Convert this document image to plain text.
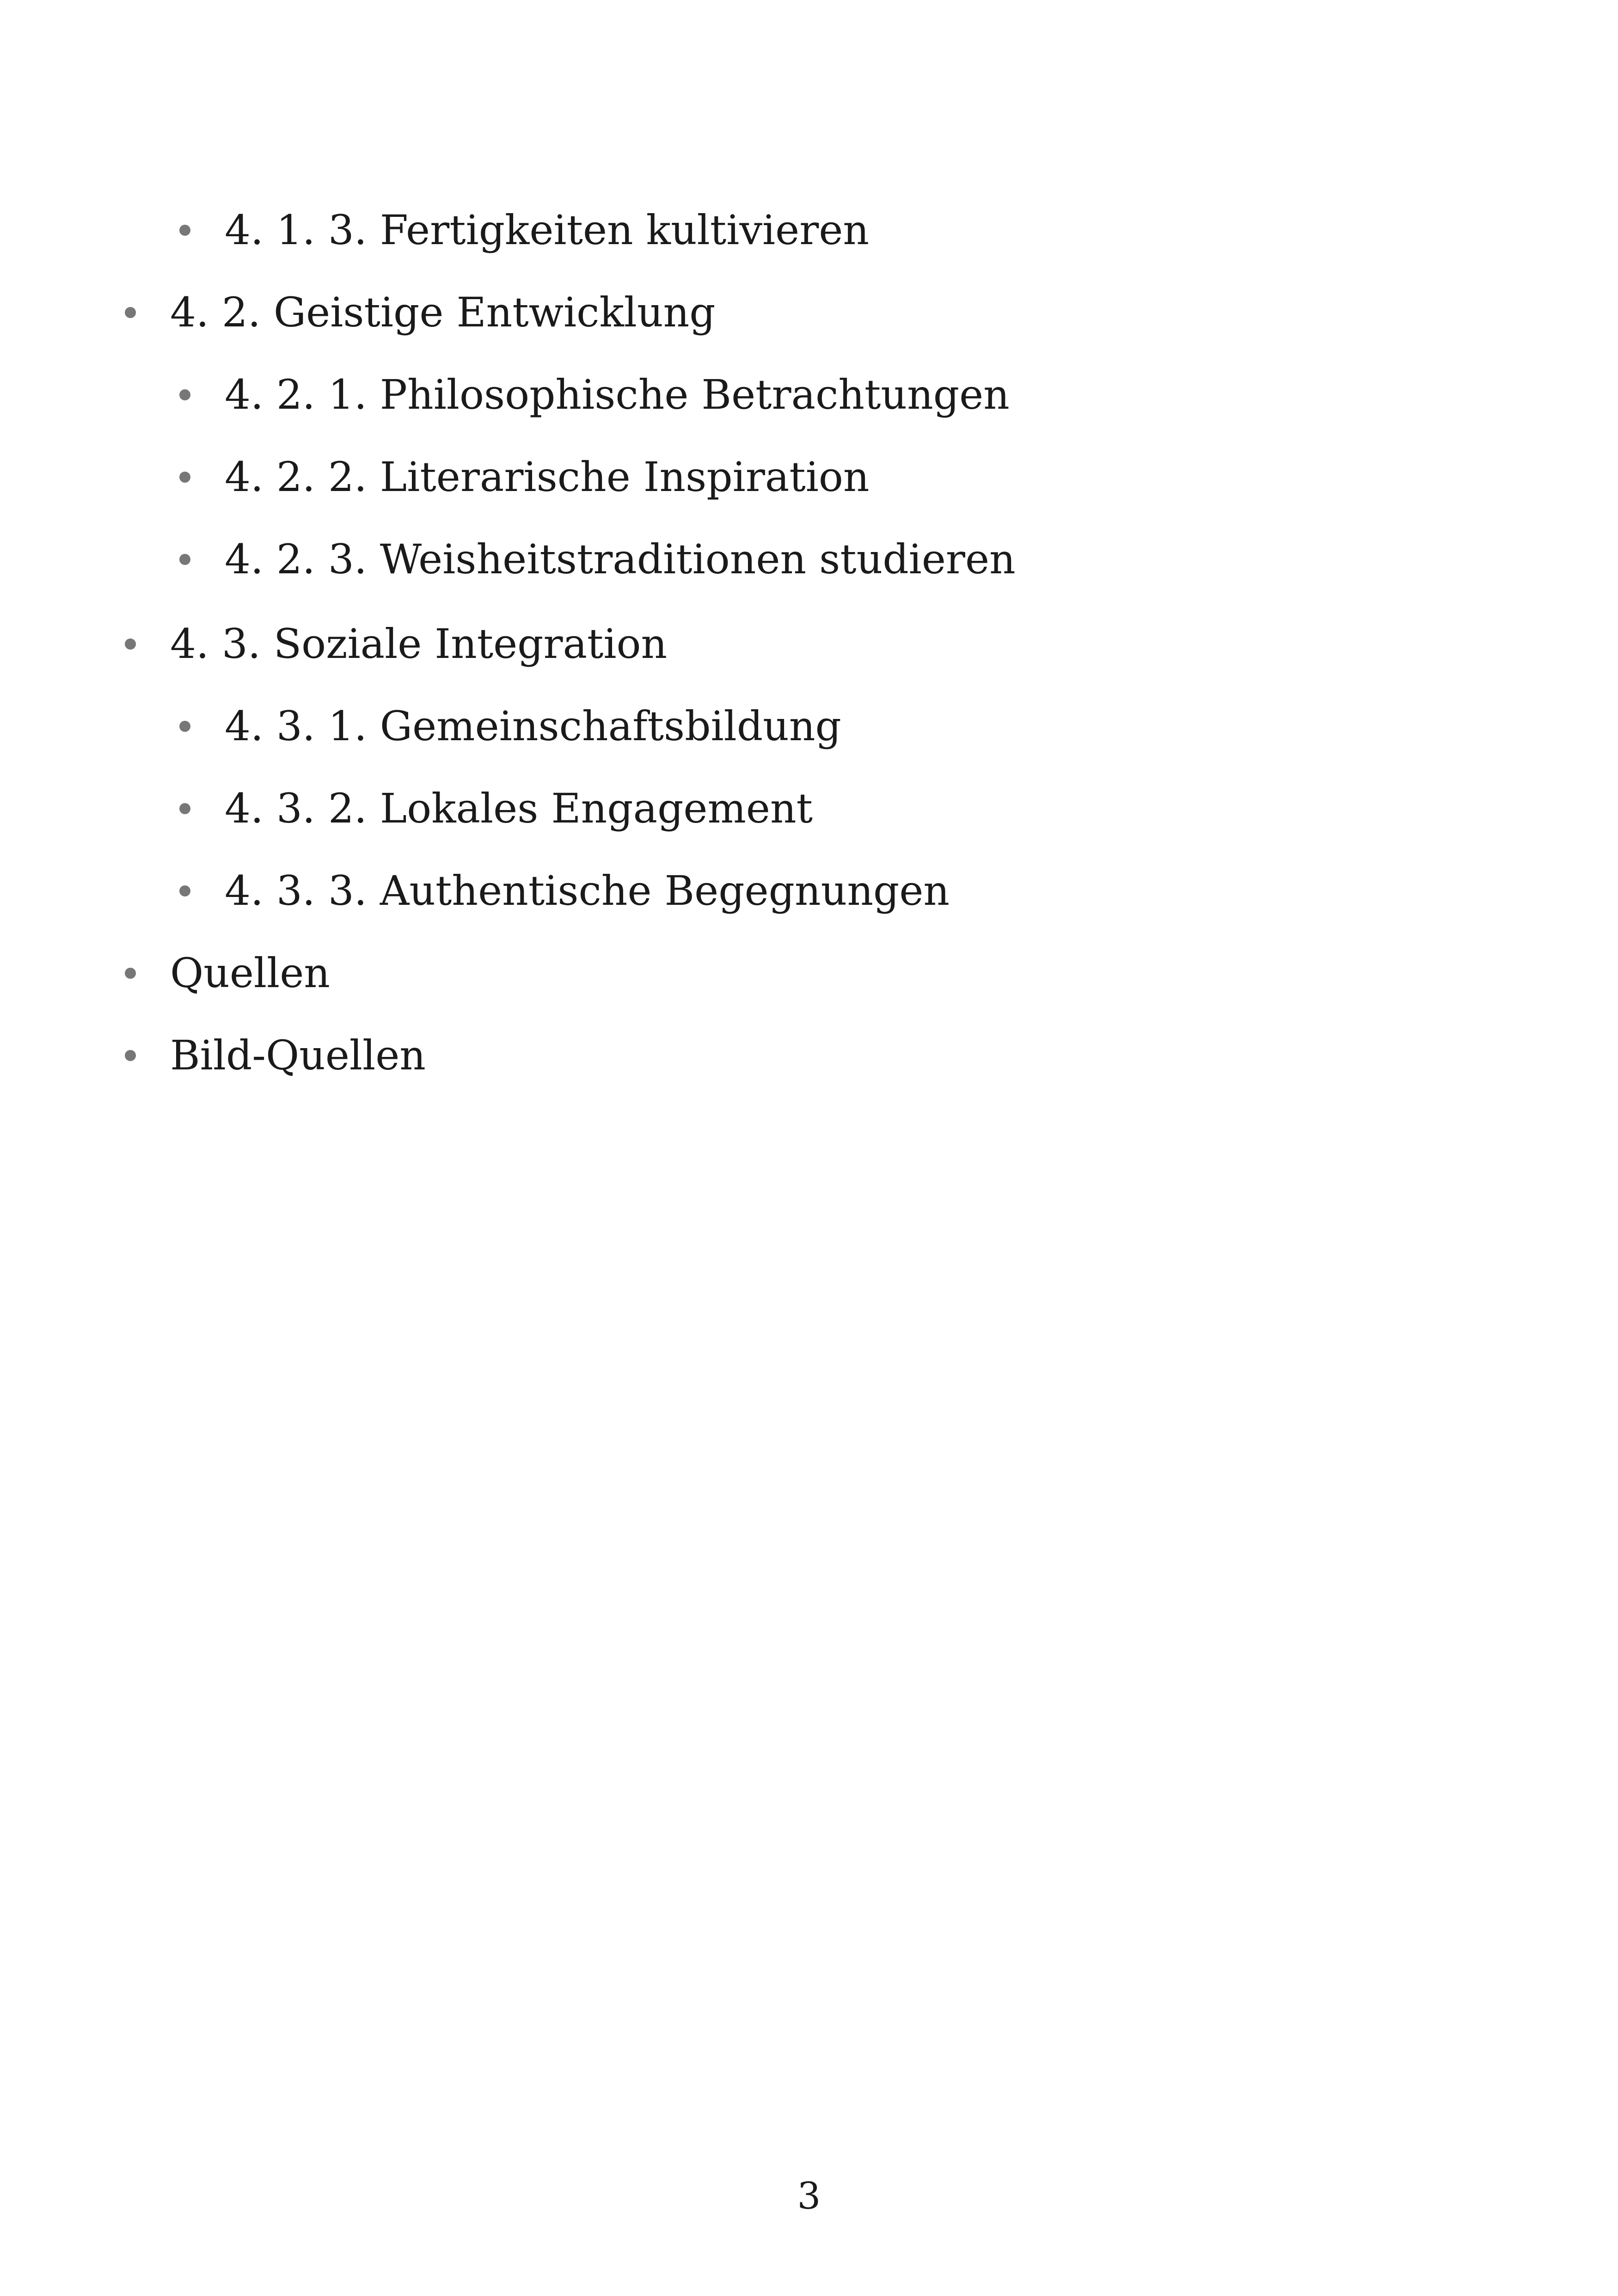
4. 1. 3. Fertigkeiten kultivieren
4. 2. Geistige Entwicklung
4. 2. 1. Philosophische Betrachtungen
4. 2. 2. Literarische Inspiration
4. 2. 3. Weisheitstraditionen studieren
4. 3. Soziale Integration
4. 3. 1. Gemeinschaftsbildung
4. 3. 2. Lokales Engagement
4. 3. 3. Authentische Begegnungen
Quellen
Bild-Quellen
3
